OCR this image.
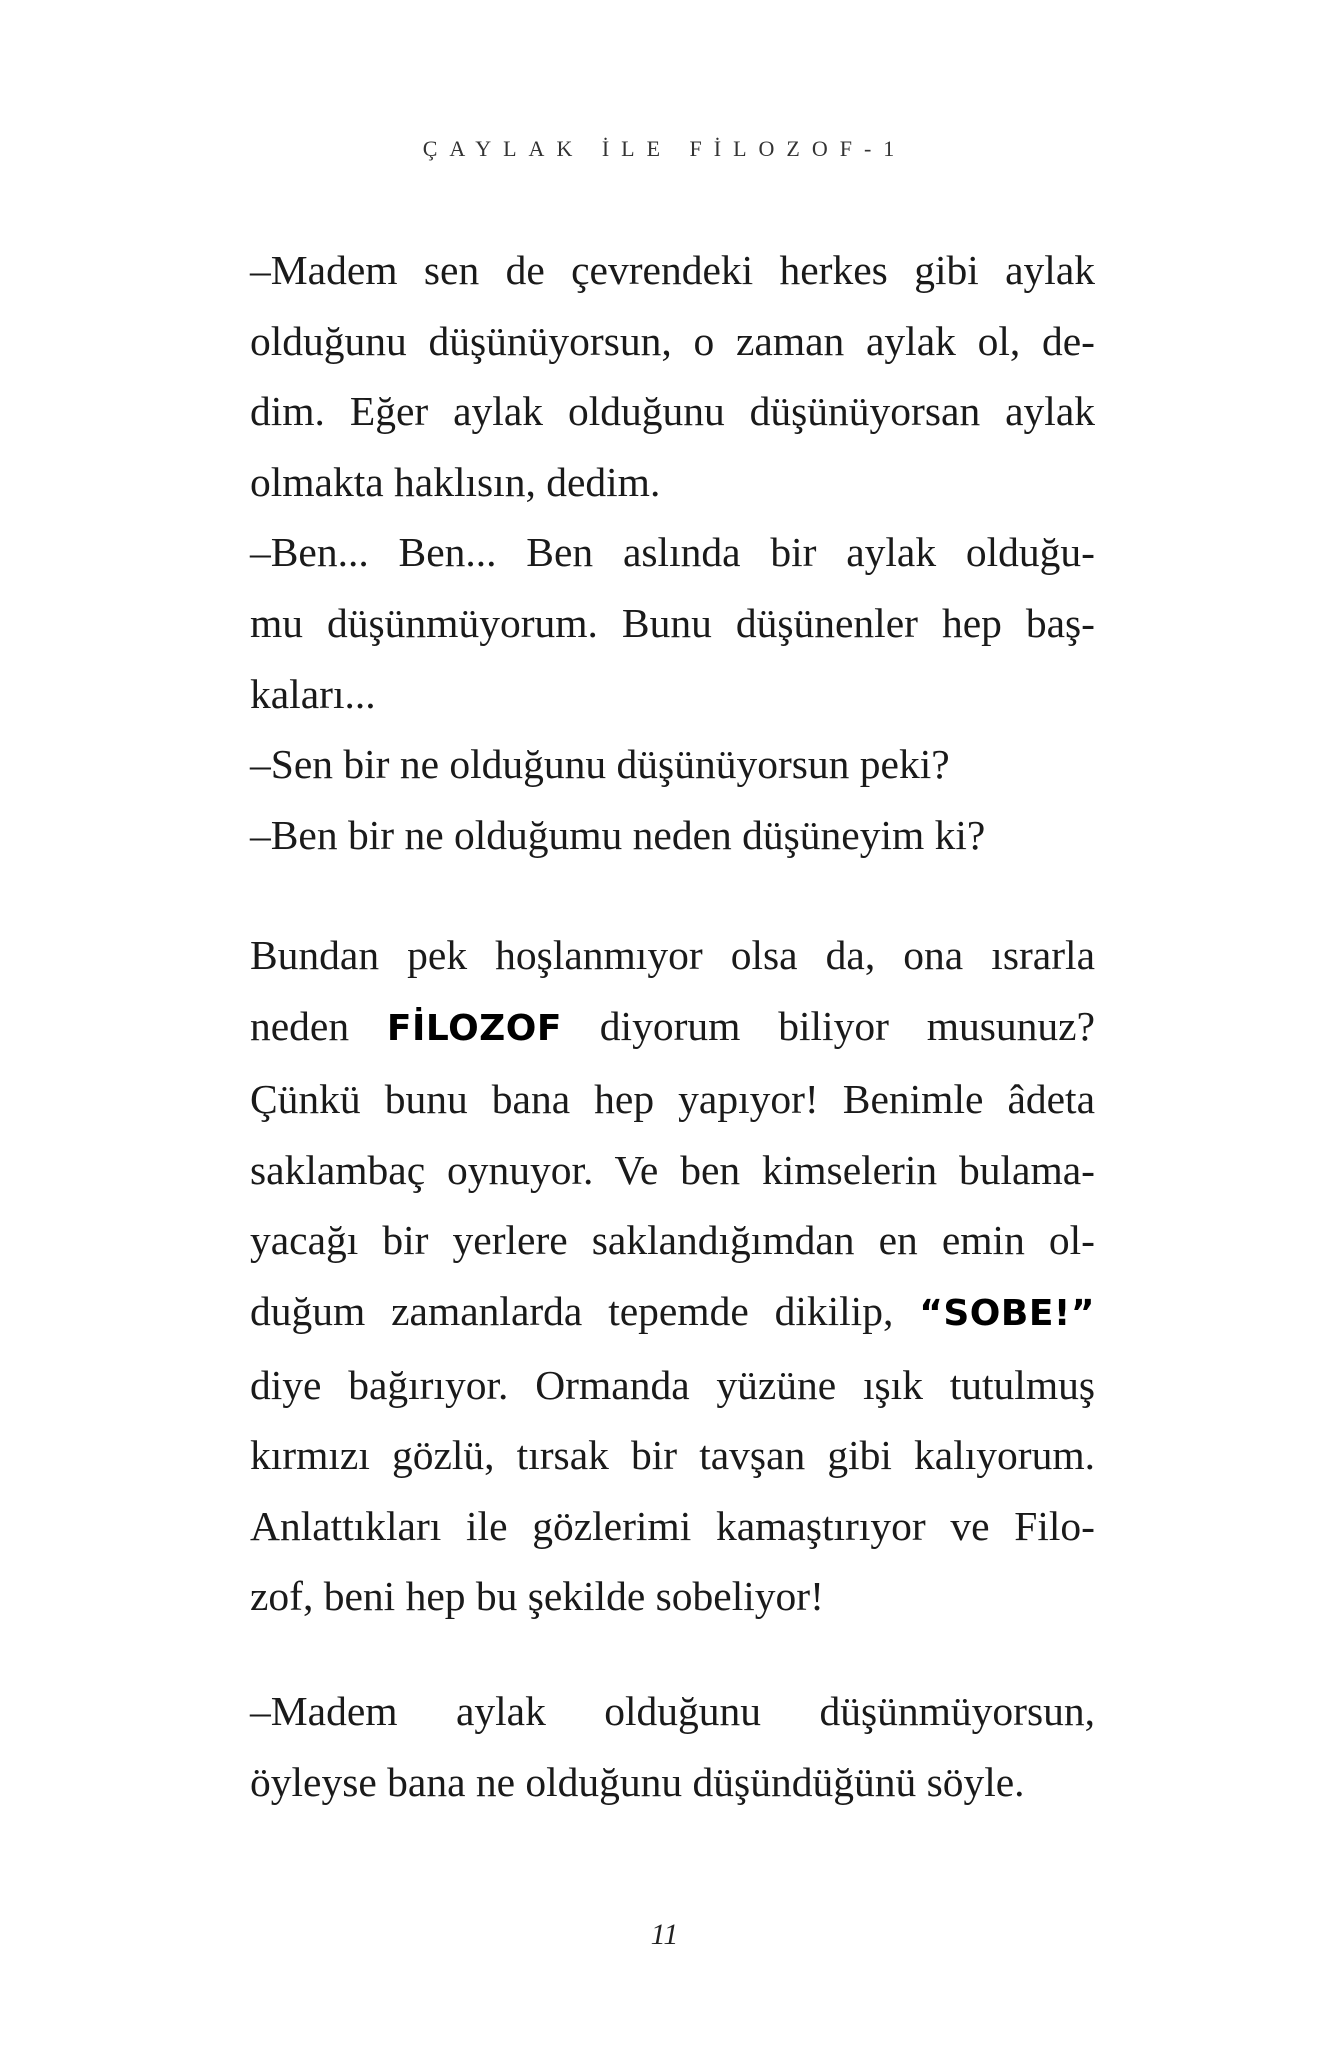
ÇAYLAK İLE FİLOZOF-1

–Madem sen de çevrendeki herkes gibi aylak
olduğunu düşünüyorsun, o zaman aylak ol, de-
dim. Eğer aylak olduğunu düşünüyorsan aylak
olmakta haklısın, dedim.

–Ben... Ben... Ben aslında bir aylak olduğu-
mu düşünmüyorum. Bunu düşünenler hep baş-
kaları...

–Sen bir ne olduğunu düşünüyorsun peki?

–Ben bir ne olduğumu neden düşüneyim ki?

Bundan pek hoşlanmıyor olsa da, ona ısrarla
neden FİLOZOF diyorum biliyor musunuz?
Çünkü bunu bana hep yapıyor! Benimle âdeta
saklambaç oynuyor. Ve ben kimselerin bulama-
yacağı bir yerlere saklandığımdan en emin ol-
duğum zamanlarda tepemde dikilip, “SOBE!”
diye bağırıyor. Ormanda yüzüne ışık tutulmuş
kırmızı gözlü, tırsak bir tavşan gibi kalıyorum.
Anlattıkları ile gözlerimi kamaştırıyor ve Filo-
zof, beni hep bu şekilde sobeliyor!

–Madem aylak olduğunu düşünmüyorsun,
öyleyse bana ne olduğunu düşündüğünü söyle.

11
